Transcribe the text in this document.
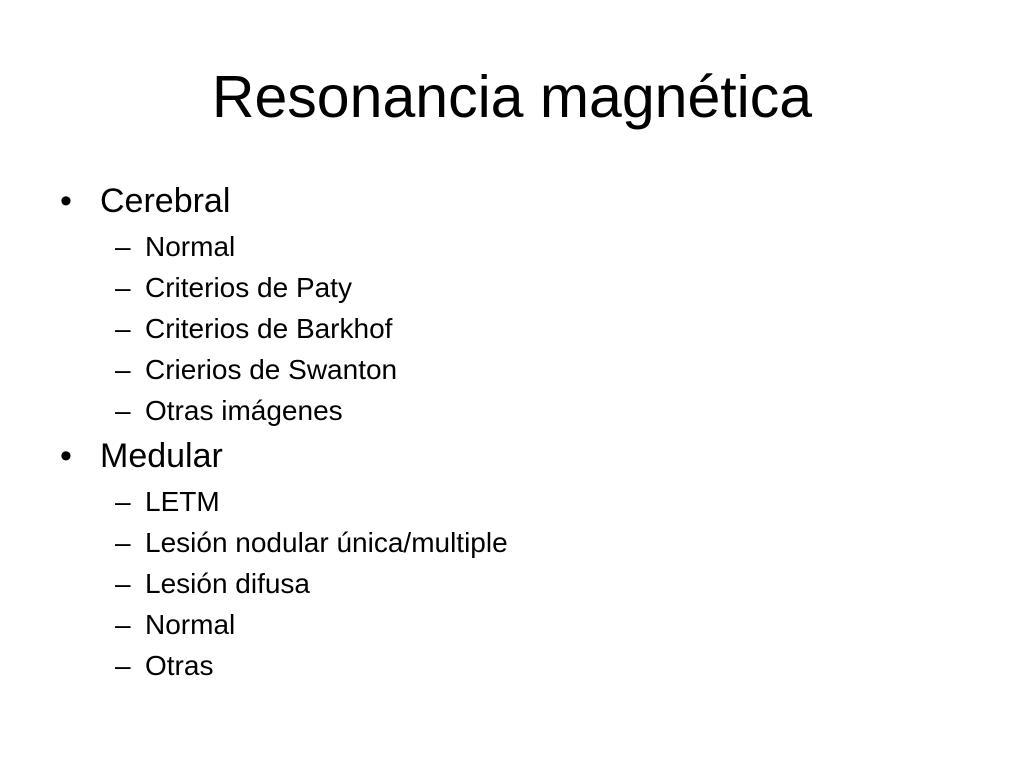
Resonancia magnética
• Cerebral
– Normal
– Criterios de Paty
– Criterios de Barkhof
– Crierios de Swanton
– Otras imágenes
• Medular
– LETM
– Lesión nodular única/multiple
– Lesión difusa
– Normal
– Otras
